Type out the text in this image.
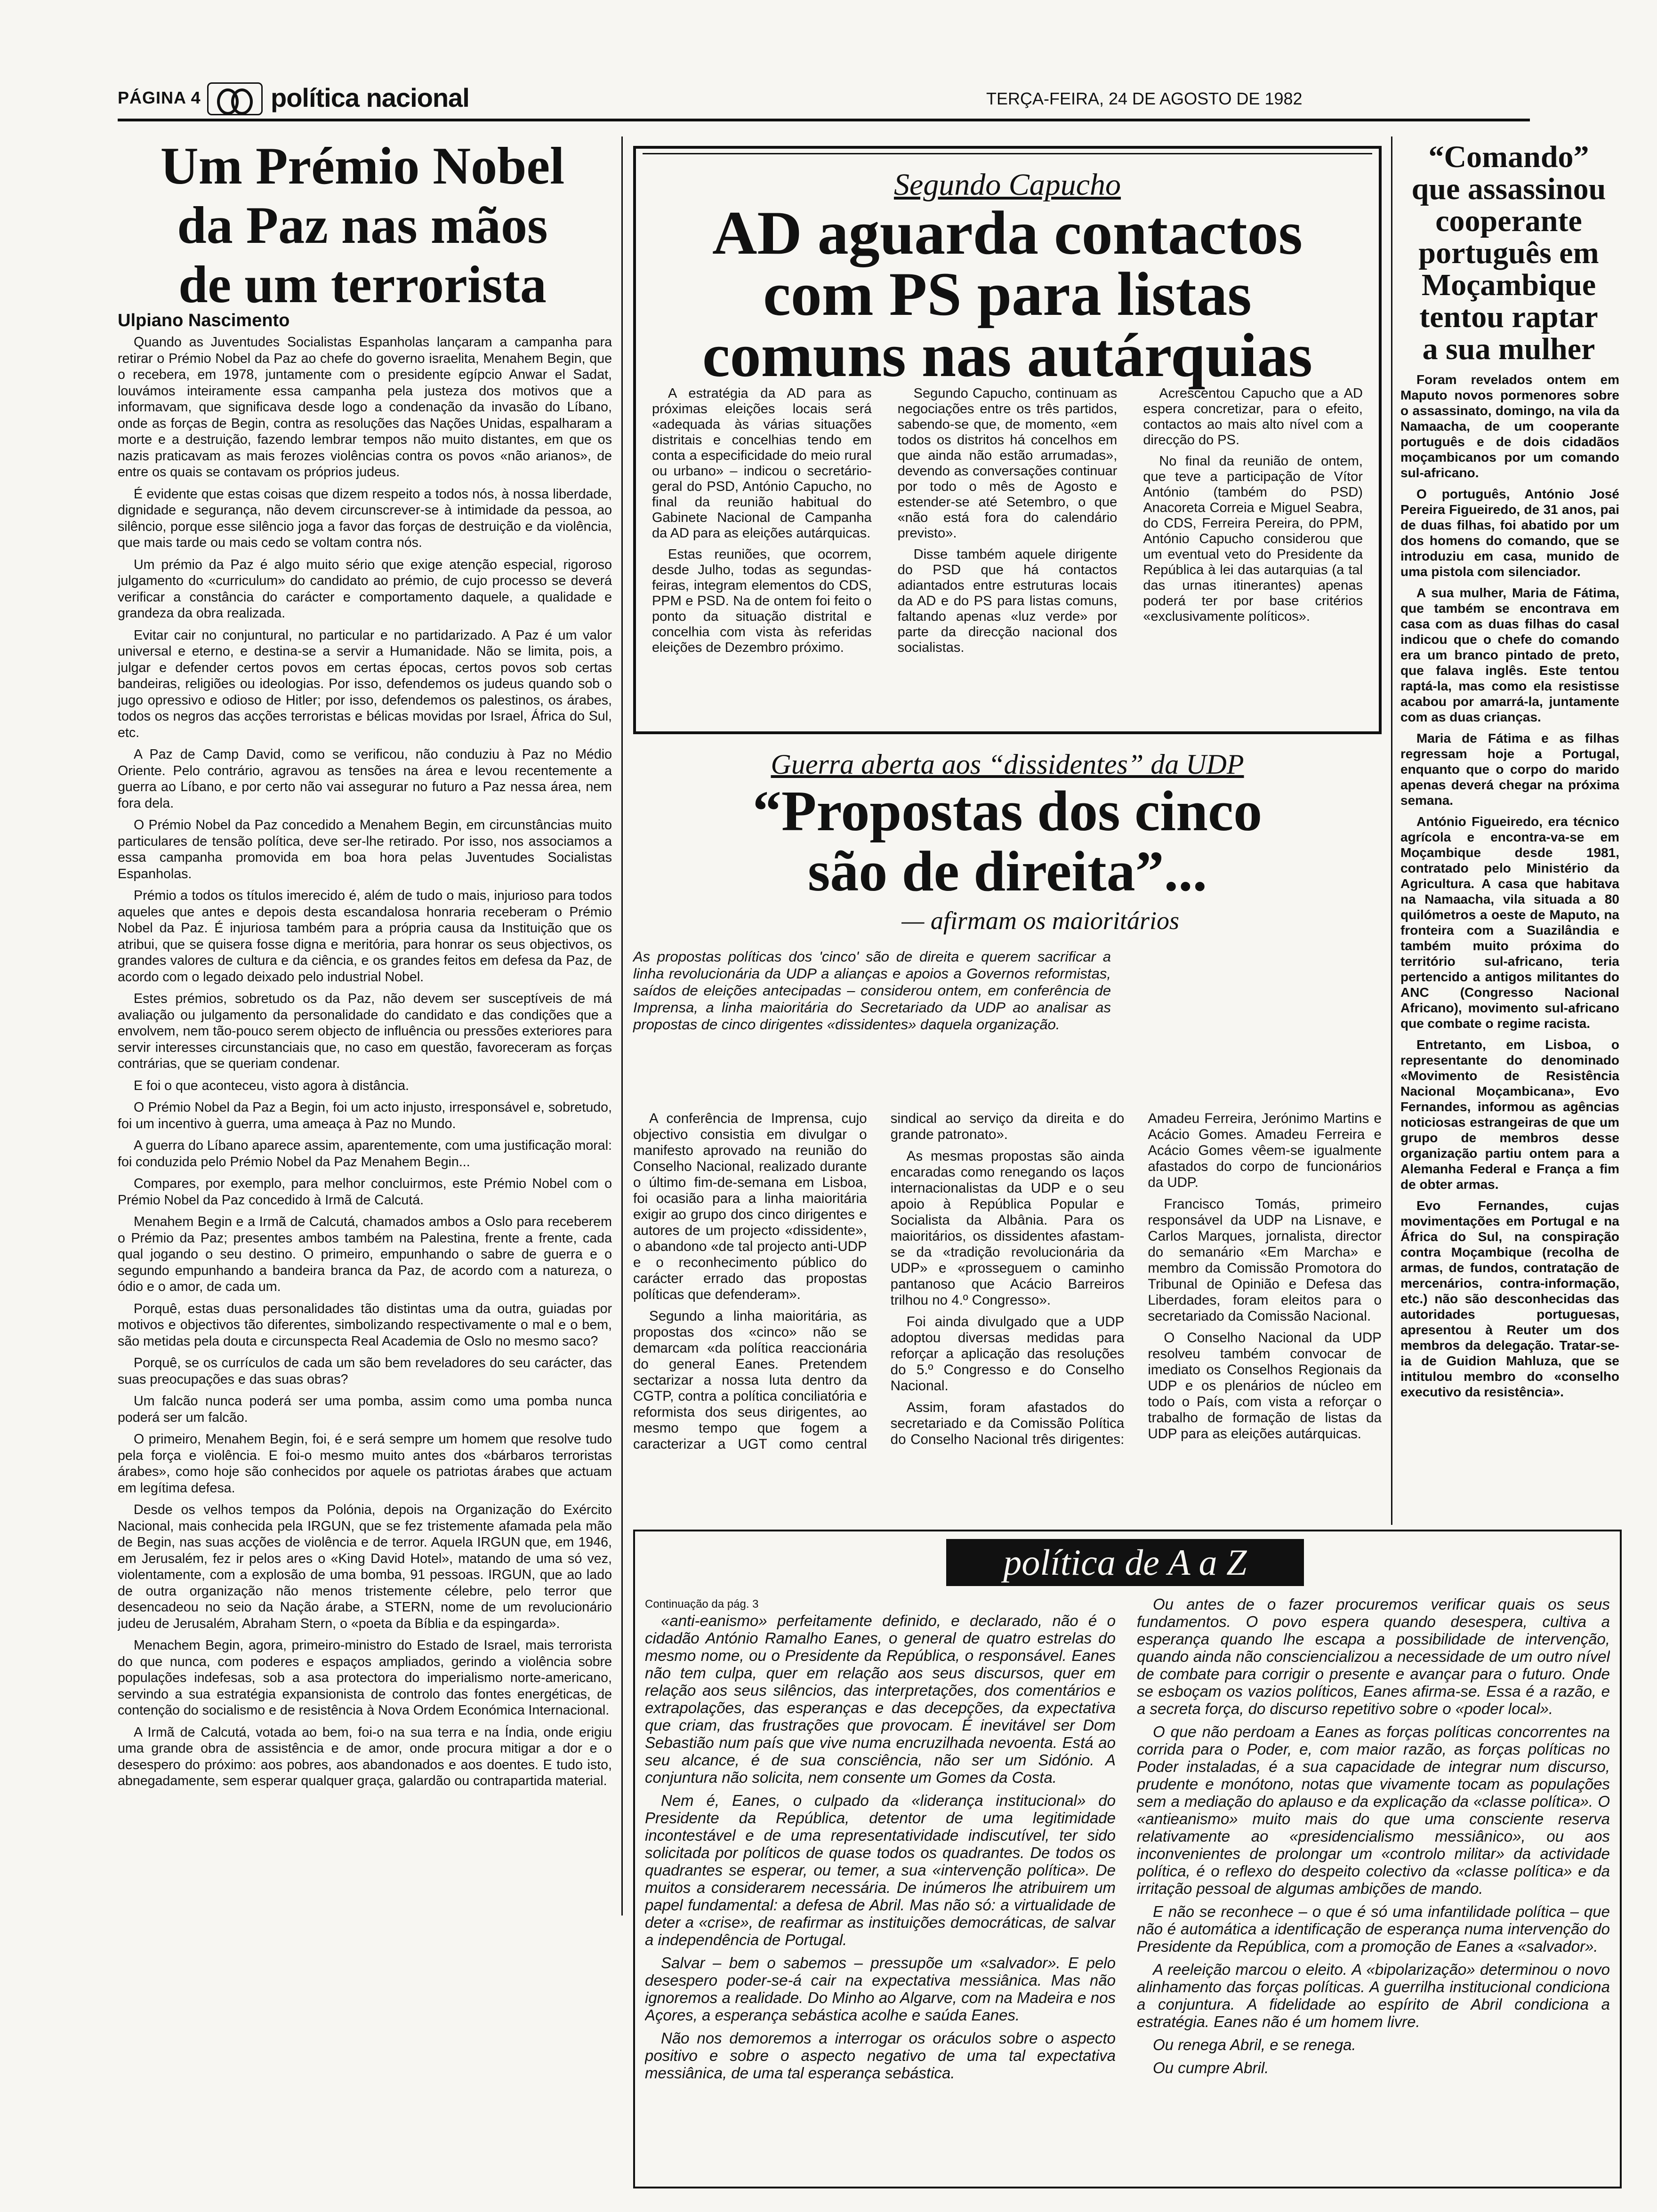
PÁGINA 4	política nacional	TERÇA-FEIRA, 24 DE AGOSTO DE 1982
Um Prémio Nobel
da Paz nas mãos
de um terrorista
Ulpiano Nascimento

Quando as Juventudes Socialistas Espanholas lançaram a campanha para retirar o Prémio Nobel da Paz ao chefe do governo israelita, Menahem Begin, que o recebera, em 1978, juntamente com o presidente egípcio Anwar el Sadat, louvámos inteiramente essa campanha pela justeza dos motivos que a informavam, que significava desde logo a condenação da invasão do Líbano, onde as forças de Begin, contra as resoluções das Nações Unidas, espalharam a morte e a destruição, fazendo lembrar tempos não muito distantes, em que os nazis praticavam as mais ferozes violências contra os povos «não arianos», de entre os quais se contavam os próprios judeus.

É evidente que estas coisas que dizem respeito a todos nós, à nossa liberdade, dignidade e segurança, não devem circunscrever-se à intimidade da pessoa, ao silêncio, porque esse silêncio joga a favor das forças de destruição e da violência, que mais tarde ou mais cedo se voltam contra nós.

Um prémio da Paz é algo muito sério que exige atenção especial, rigoroso julgamento do «curriculum» do candidato ao prémio, de cujo processo se deverá verificar a constância do carácter e comportamento daquele, a qualidade e grandeza da obra realizada.

Evitar cair no conjuntural, no particular e no partidarizado. A Paz é um valor universal e eterno, e destina-se a servir a Humanidade. Não se limita, pois, a julgar e defender certos povos em certas épocas, certos povos sob certas bandeiras, religiões ou ideologias. Por isso, defendemos os judeus quando sob o jugo opressivo e odioso de Hitler; por isso, defendemos os palestinos, os árabes, todos os negros das acções terroristas e bélicas movidas por Israel, África do Sul, etc.

A Paz de Camp David, como se verificou, não conduziu à Paz no Médio Oriente. Pelo contrário, agravou as tensões na área e levou recentemente a guerra ao Líbano, e por certo não vai assegurar no futuro a Paz nessa área, nem fora dela.

O Prémio Nobel da Paz concedido a Menahem Begin, em circunstâncias muito particulares de tensão política, deve ser-lhe retirado. Por isso, nos associamos a essa campanha promovida em boa hora pelas Juventudes Socialistas Espanholas.

Prémio a todos os títulos imerecido é, além de tudo o mais, injurioso para todos aqueles que antes e depois desta escandalosa honraria receberam o Prémio Nobel da Paz. É injuriosa também para a própria causa da Instituição que os atribui, que se quisera fosse digna e meritória, para honrar os seus objectivos, os grandes valores de cultura e da ciência, e os grandes feitos em defesa da Paz, de acordo com o legado deixado pelo industrial Nobel.

Estes prémios, sobretudo os da Paz, não devem ser susceptíveis de má avaliação ou julgamento da personalidade do candidato e das condições que a envolvem, nem tão-pouco serem objecto de influência ou pressões exteriores para servir interesses circunstanciais que, no caso em questão, favoreceram as forças contrárias, que se queriam condenar.

E foi o que aconteceu, visto agora à distância.

O Prémio Nobel da Paz a Begin, foi um acto injusto, irresponsável e, sobretudo, foi um incentivo à guerra, uma ameaça à Paz no Mundo.

A guerra do Líbano aparece assim, aparentemente, com uma justificação moral: foi conduzida pelo Prémio Nobel da Paz Menahem Begin...

Compares, por exemplo, para melhor concluirmos, este Prémio Nobel com o Prémio Nobel da Paz concedido à Irmã de Calcutá.

Menahem Begin e a Irmã de Calcutá, chamados ambos a Oslo para receberem o Prémio da Paz; presentes ambos também na Palestina, frente a frente, cada qual jogando o seu destino. O primeiro, empunhando o sabre de guerra e o segundo empunhando a bandeira branca da Paz, de acordo com a natureza, o ódio e o amor, de cada um.

Porquê, estas duas personalidades tão distintas uma da outra, guiadas por motivos e objectivos tão diferentes, simbolizando respectivamente o mal e o bem, são metidas pela douta e circunspecta Real Academia de Oslo no mesmo saco?

Porquê, se os currículos de cada um são bem reveladores do seu carácter, das suas preocupações e das suas obras?

Um falcão nunca poderá ser uma pomba, assim como uma pomba nunca poderá ser um falcão.

O primeiro, Menahem Begin, foi, é e será sempre um homem que resolve tudo pela força e violência. E foi-o mesmo muito antes dos «bárbaros terroristas árabes», como hoje são conhecidos por aquele os patriotas árabes que actuam em legítima defesa.

Desde os velhos tempos da Polónia, depois na Organização do Exército Nacional, mais conhecida pela IRGUN, que se fez tristemente afamada pela mão de Begin, nas suas acções de violência e de terror. Aquela IRGUN que, em 1946, em Jerusalém, fez ir pelos ares o «King David Hotel», matando de uma só vez, violentamente, com a explosão de uma bomba, 91 pessoas. IRGUN, que ao lado de outra organização não menos tristemente célebre, pelo terror que desencadeou no seio da Nação árabe, a STERN, nome de um revolucionário judeu de Jerusalém, Abraham Stern, o «poeta da Bíblia e da espingarda».

Menachem Begin, agora, primeiro-ministro do Estado de Israel, mais terrorista do que nunca, com poderes e espaços ampliados, gerindo a violência sobre populações indefesas, sob a asa protectora do imperialismo norte-americano, servindo a sua estratégia expansionista de controlo das fontes energéticas, de contenção do socialismo e de resistência à Nova Ordem Económica Internacional.

A Irmã de Calcutá, votada ao bem, foi-o na sua terra e na Índia, onde erigiu uma grande obra de assistência e de amor, onde procura mitigar a dor e o desespero do próximo: aos pobres, aos abandonados e aos doentes. E tudo isto, abnegadamente, sem esperar qualquer graça, galardão ou contrapartida material.

Segundo Capucho
AD aguarda contactos
com PS para listas
comuns nas autárquias

A estratégia da AD para as próximas eleições locais será «adequada às várias situações distritais e concelhias tendo em conta a especificidade do meio rural ou urbano» – indicou o secretário-geral do PSD, António Capucho, no final da reunião habitual do Gabinete Nacional de Campanha da AD para as eleições autárquicas.

Estas reuniões, que ocorrem, desde Julho, todas as segundas-feiras, integram elementos do CDS, PPM e PSD. Na de ontem foi feito o ponto da situação distrital e concelhia com vista às referidas eleições de Dezembro próximo.

Segundo Capucho, continuam as negociações entre os três partidos, sabendo-se que, de momento, «em todos os distritos há concelhos em que ainda não estão arrumadas», devendo as conversações continuar por todo o mês de Agosto e estender-se até Setembro, o que «não está fora do calendário previsto».

Disse também aquele dirigente do PSD que há contactos adiantados entre estruturas locais da AD e do PS para listas comuns, faltando apenas «luz verde» por parte da direcção nacional dos socialistas.

Acrescentou Capucho que a AD espera concretizar, para o efeito, contactos ao mais alto nível com a direcção do PS.

No final da reunião de ontem, que teve a participação de Vítor António (também do PSD) Anacoreta Correia e Miguel Seabra, do CDS, Ferreira Pereira, do PPM, António Capucho considerou que um eventual veto do Presidente da República à lei das autarquias (a tal das urnas itinerantes) apenas poderá ter por base critérios «exclusivamente políticos».

Guerra aberta aos “dissidentes” da UDP
“Propostas dos cinco
são de direita”...
— afirmam os maioritários
As propostas políticas dos 'cinco' são de direita e querem sacrificar a linha revolucionária da UDP a alianças e apoios a Governos reformistas, saídos de eleições antecipadas – considerou ontem, em conferência de Imprensa, a linha maioritária do Secretariado da UDP ao analisar as propostas de cinco dirigentes «dissidentes» daquela organização.

A conferência de Imprensa, cujo objectivo consistia em divulgar o manifesto aprovado na reunião do Conselho Nacional, realizado durante o último fim-de-semana em Lisboa, foi ocasião para a linha maioritária exigir ao grupo dos cinco dirigentes e autores de um projecto «dissidente», o abandono «de tal projecto anti-UDP e o reconhecimento público do carácter errado das propostas políticas que defenderam».

Segundo a linha maioritária, as propostas dos «cinco» não se demarcam «da política reaccionária do general Eanes. Pretendem sectarizar a nossa luta dentro da CGTP, contra a política conciliatória e reformista dos seus dirigentes, ao mesmo tempo que fogem a caracterizar a UGT como central sindical ao serviço da direita e do grande patronato».

As mesmas propostas são ainda encaradas como renegando os laços internacionalistas da UDP e o seu apoio à República Popular e Socialista da Albânia. Para os maioritários, os dissidentes afastam-se da «tradição revolucionária da UDP» e «prosseguem o caminho pantanoso que Acácio Barreiros trilhou no 4.º Congresso».

Foi ainda divulgado que a UDP adoptou diversas medidas para reforçar a aplicação das resoluções do 5.º Congresso e do Conselho Nacional.

Assim, foram afastados do secretariado e da Comissão Política do Conselho Nacional três dirigentes: Amadeu Ferreira, Jerónimo Martins e Acácio Gomes. Amadeu Ferreira e Acácio Gomes vêem-se igualmente afastados do corpo de funcionários da UDP.

Francisco Tomás, primeiro responsável da UDP na Lisnave, e Carlos Marques, jornalista, director do semanário «Em Marcha» e membro da Comissão Promotora do Tribunal de Opinião e Defesa das Liberdades, foram eleitos para o secretariado da Comissão Nacional.

O Conselho Nacional da UDP resolveu também convocar de imediato os Conselhos Regionais da UDP e os plenários de núcleo em todo o País, com vista a reforçar o trabalho de formação de listas da UDP para as eleições autárquicas.

“Comando”
que assassinou
cooperante
português em
Moçambique
tentou raptar
a sua mulher

Foram revelados ontem em Maputo novos pormenores sobre o assassinato, domingo, na vila da Namaacha, de um cooperante português e de dois cidadãos moçambicanos por um comando sul-africano.

O português, António José Pereira Figueiredo, de 31 anos, pai de duas filhas, foi abatido por um dos homens do comando, que se introduziu em casa, munido de uma pistola com silenciador.

A sua mulher, Maria de Fátima, que também se encontrava em casa com as duas filhas do casal indicou que o chefe do comando era um branco pintado de preto, que falava inglês. Este tentou raptá-la, mas como ela resistisse acabou por amarrá-la, juntamente com as duas crianças.

Maria de Fátima e as filhas regressam hoje a Portugal, enquanto que o corpo do marido apenas deverá chegar na próxima semana.

António Figueiredo, era técnico agrícola e encontra-va-se em Moçambique desde 1981, contratado pelo Ministério da Agricultura. A casa que habitava na Namaacha, vila situada a 80 quilómetros a oeste de Maputo, na fronteira com a Suazilândia e também muito próxima do território sul-africano, teria pertencido a antigos militantes do ANC (Congresso Nacional Africano), movimento sul-africano que combate o regime racista.

Entretanto, em Lisboa, o representante do denominado «Movimento de Resistência Nacional Moçambicana», Evo Fernandes, informou as agências noticiosas estrangeiras de que um grupo de membros desse organização partiu ontem para a Alemanha Federal e França a fim de obter armas.

Evo Fernandes, cujas movimentações em Portugal e na África do Sul, na conspiração contra Moçambique (recolha de armas, de fundos, contratação de mercenários, contra-informação, etc.) não são desconhecidas das autoridades portuguesas, apresentou à Reuter um dos membros da delegação. Tratar-se-ia de Guidion Mahluza, que se intitulou membro do «conselho executivo da resistência».

política de A a Z
Continuação da pág. 3

«anti-eanismo» perfeitamente definido, e declarado, não é o cidadão António Ramalho Eanes, o general de quatro estrelas do mesmo nome, ou o Presidente da República, o responsável. Eanes não tem culpa, quer em relação aos seus discursos, quer em relação aos seus silêncios, das interpretações, dos comentários e extrapolações, das esperanças e das decepções, da expectativa que criam, das frustrações que provocam. É inevitável ser Dom Sebastião num país que vive numa encruzilhada nevoenta. Está ao seu alcance, é de sua consciência, não ser um Sidónio. A conjuntura não solicita, nem consente um Gomes da Costa.

Nem é, Eanes, o culpado da «liderança institucional» do Presidente da República, detentor de uma legitimidade incontestável e de uma representatividade indiscutível, ter sido solicitada por políticos de quase todos os quadrantes. De todos os quadrantes se esperar, ou temer, a sua «intervenção política». De muitos a considerarem necessária. De inúmeros lhe atribuirem um papel fundamental: a defesa de Abril. Mas não só: a virtualidade de deter a «crise», de reafirmar as instituições democráticas, de salvar a independência de Portugal.

Salvar – bem o sabemos – pressupõe um «salvador». E pelo desespero poder-se-á cair na expectativa messiânica. Mas não ignoremos a realidade. Do Minho ao Algarve, com na Madeira e nos Açores, a esperança sebástica acolhe e saúda Eanes.

Não nos demoremos a interrogar os oráculos sobre o aspecto positivo e sobre o aspecto negativo de uma tal expectativa messiânica, de uma tal esperança sebástica.

Ou antes de o fazer procuremos verificar quais os seus fundamentos. O povo espera quando desespera, cultiva a esperança quando lhe escapa a possibilidade de intervenção, quando ainda não consciencializou a necessidade de um outro nível de combate para corrigir o presente e avançar para o futuro. Onde se esboçam os vazios políticos, Eanes afirma-se. Essa é a razão, e a secreta força, do discurso repetitivo sobre o «poder local».

O que não perdoam a Eanes as forças políticas concorrentes na corrida para o Poder, e, com maior razão, as forças políticas no Poder instaladas, é a sua capacidade de integrar num discurso, prudente e monótono, notas que vivamente tocam as populações sem a mediação do aplauso e da explicação da «classe política». O «antieanismo» muito mais do que uma consciente reserva relativamente ao «presidencialismo messiânico», ou aos inconvenientes de prolongar um «controlo militar» da actividade política, é o reflexo do despeito colectivo da «classe política» e da irritação pessoal de algumas ambições de mando.

E não se reconhece – o que é só uma infantilidade política – que não é automática a identificação de esperança numa intervenção do Presidente da República, com a promoção de Eanes a «salvador».

A reeleição marcou o eleito. A «bipolarização» determinou o novo alinhamento das forças políticas. A guerrilha institucional condiciona a conjuntura. A fidelidade ao espírito de Abril condiciona a estratégia. Eanes não é um homem livre.

Ou renega Abril, e se renega.

Ou cumpre Abril.
